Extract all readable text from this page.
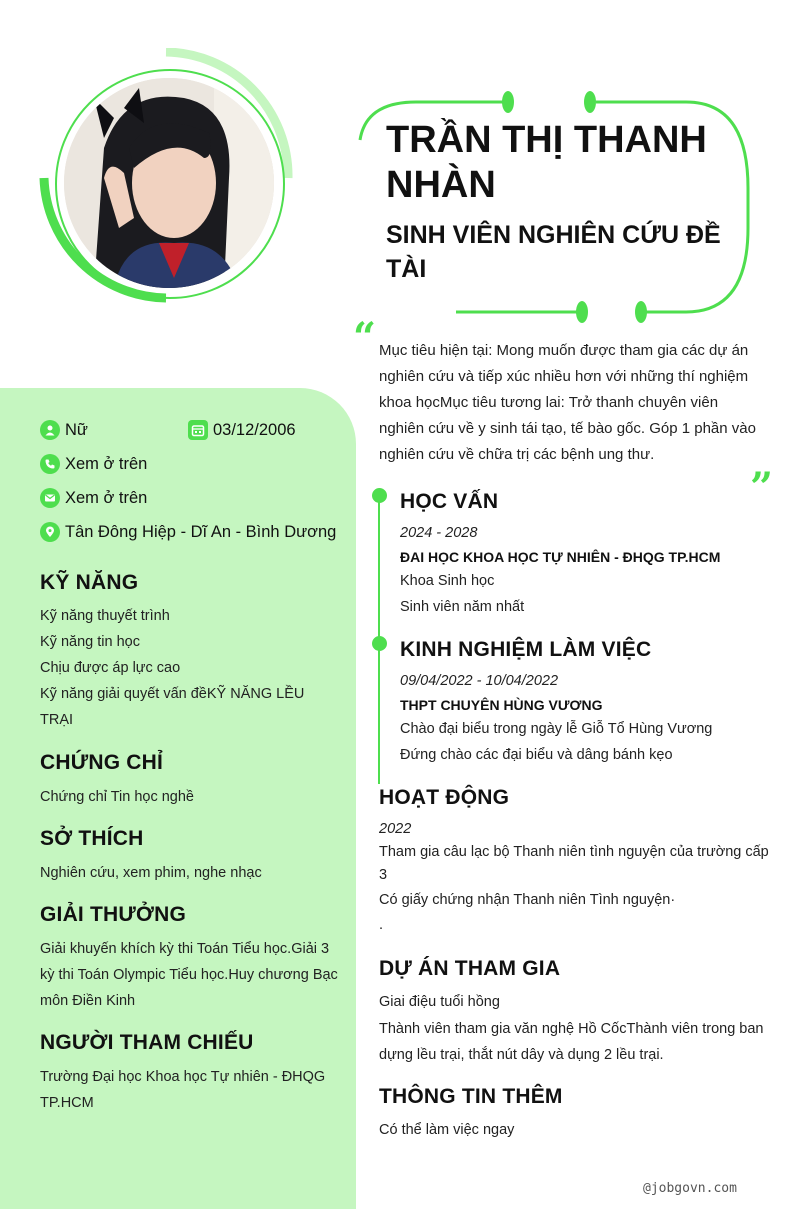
TRẦN THỊ THANH NHÀN
SINH VIÊN NGHIÊN CỨU ĐỀ TÀI
“ Mục tiêu hiện tại: Mong muốn được tham gia các dự án nghiên cứu và tiếp xúc nhiều hơn với những thí nghiệm khoa họcMục tiêu tương lai: Trở thanh chuyên viên nghiên cứu về y sinh tái tạo, tế bào gốc. Góp 1 phần vào nghiên cứu về chữa trị các bệnh ung thư.
”
Nữ	03/12/2006
Xem ở trên
Xem ở trên
Tân Đông Hiệp - Dĩ An - Bình Dương
KỸ NĂNG
Kỹ năng thuyết trình
Kỹ năng tin học
Chịu được áp lực cao
Kỹ năng giải quyết vấn đềKỸ NĂNG LỀU TRẠI
CHỨNG CHỈ
Chứng chỉ Tin học nghề
SỞ THÍCH
Nghiên cứu, xem phim, nghe nhạc
GIẢI THƯỞNG
Giải khuyến khích kỳ thi Toán Tiểu học.Giải 3 kỳ thi Toán Olympic Tiểu học.Huy chương Bạc môn Điền Kinh
NGƯỜI THAM CHIẾU
Trường Đại học Khoa học Tự nhiên - ĐHQG TP.HCM
HỌC VẤN
2024 - 2028
ĐAI HỌC KHOA HỌC TỰ NHIÊN - ĐHQG TP.HCM
Khoa Sinh học
Sinh viên năm nhất
KINH NGHIỆM LÀM VIỆC
09/04/2022 - 10/04/2022
THPT CHUYÊN HÙNG VƯƠNG
Chào đại biểu trong ngày lễ Giỗ Tổ Hùng Vương
Đứng chào các đại biểu và dâng bánh kẹo
HOẠT ĐỘNG
2022
Tham gia câu lạc bộ Thanh niên tình nguyện của trường cấp 3
Có giấy chứng nhận Thanh niên Tình nguyện·
.
DỰ ÁN THAM GIA
Giai điệu tuổi hồng
Thành viên tham gia văn nghệ Hồ CốcThành viên trong ban dựng lều trại, thắt nút dây và dụng 2 lều trại.
THÔNG TIN THÊM
Có thể làm việc ngay
@jobgovn.com
